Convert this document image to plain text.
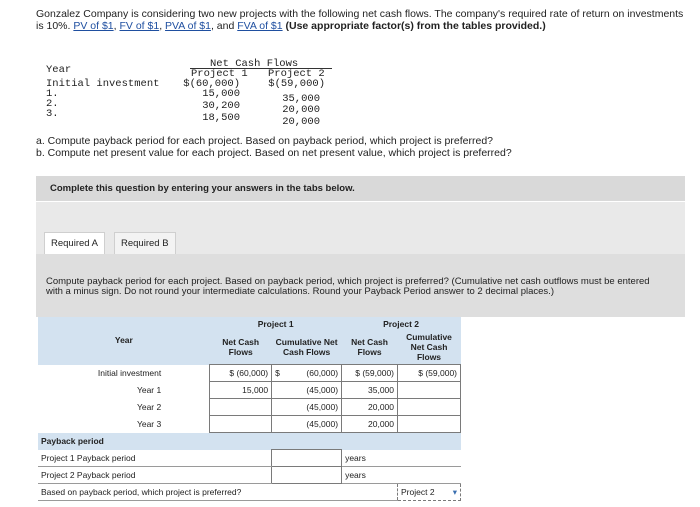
Gonzalez Company is considering two new projects with the following net cash flows. The company's required rate of return on investments is 10%. PV of $1, FV of $1, PVA of $1, and FVA of $1 (Use appropriate factor(s) from the tables provided.)
Net Cash Flows
Year	Project 1 Project 2
Initial investment	$(60,000)	$(59,000)
1.	15,000	35,000
2.	30,200	20,000
3.	18,500	20,000
a. Compute payback period for each project. Based on payback period, which project is preferred?
b. Compute net present value for each project. Based on net present value, which project is preferred?
Complete this question by entering your answers in the tabs below.
Required A	Required B
Compute payback period for each project. Based on payback period, which project is preferred? (Cumulative net cash outflows must be entered with a minus sign. Do not round your intermediate calculations. Round your Payback Period answer to 2 decimal places.)
Year	Project 1		Project 2	
	Net Cash Flows	Cumulative Net Cash Flows	Net Cash Flows	Cumulative Net Cash Flows
Initial investment	$ (60,000)	$ (60,000)	$ (59,000)	$ (59,000)
Year 1	15,000	(45,000)	35,000	
Year 2		(45,000)	20,000	
Year 3		(45,000)	20,000	
Payback period				
Project 1 Payback period			years	
Project 2 Payback period			years	
Based on payback period, which project is preferred?				Project 2 ▾
